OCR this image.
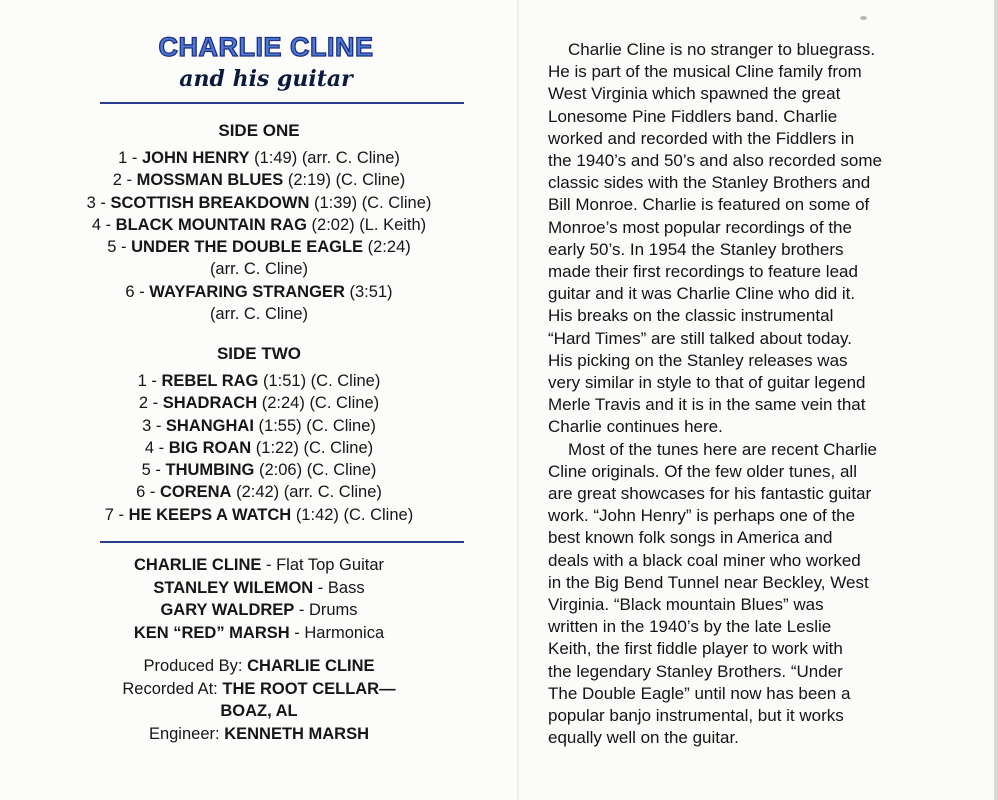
CHARLIE CLINE
and his guitar
SIDE ONE
1 - JOHN HENRY (1:49) (arr. C. Cline)
2 - MOSSMAN BLUES (2:19) (C. Cline)
3 - SCOTTISH BREAKDOWN (1:39) (C. Cline)
4 - BLACK MOUNTAIN RAG (2:02) (L. Keith)
5 - UNDER THE DOUBLE EAGLE (2:24)
(arr. C. Cline)
6 - WAYFARING STRANGER (3:51)
(arr. C. Cline)
SIDE TWO
1 - REBEL RAG (1:51) (C. Cline)
2 - SHADRACH (2:24) (C. Cline)
3 - SHANGHAI (1:55) (C. Cline)
4 - BIG ROAN (1:22) (C. Cline)
5 - THUMBING (2:06) (C. Cline)
6 - CORENA (2:42) (arr. C. Cline)
7 - HE KEEPS A WATCH (1:42) (C. Cline)
CHARLIE CLINE - Flat Top Guitar
STANLEY WILEMON - Bass
GARY WALDREP - Drums
KEN “RED” MARSH - Harmonica
Produced By: CHARLIE CLINE
Recorded At: THE ROOT CELLAR—
BOAZ, AL
Engineer: KENNETH MARSH

Charlie Cline is no stranger to bluegrass.
He is part of the musical Cline family from
West Virginia which spawned the great
Lonesome Pine Fiddlers band. Charlie
worked and recorded with the Fiddlers in
the 1940’s and 50’s and also recorded some
classic sides with the Stanley Brothers and
Bill Monroe. Charlie is featured on some of
Monroe’s most popular recordings of the
early 50’s. In 1954 the Stanley brothers
made their first recordings to feature lead
guitar and it was Charlie Cline who did it.
His breaks on the classic instrumental
“Hard Times” are still talked about today.
His picking on the Stanley releases was
very similar in style to that of guitar legend
Merle Travis and it is in the same vein that
Charlie continues here.

Most of the tunes here are recent Charlie
Cline originals. Of the few older tunes, all
are great showcases for his fantastic guitar
work. “John Henry” is perhaps one of the
best known folk songs in America and
deals with a black coal miner who worked
in the Big Bend Tunnel near Beckley, West
Virginia. “Black mountain Blues” was
written in the 1940’s by the late Leslie
Keith, the first fiddle player to work with
the legendary Stanley Brothers. “Under
The Double Eagle” until now has been a
popular banjo instrumental, but it works
equally well on the guitar.
